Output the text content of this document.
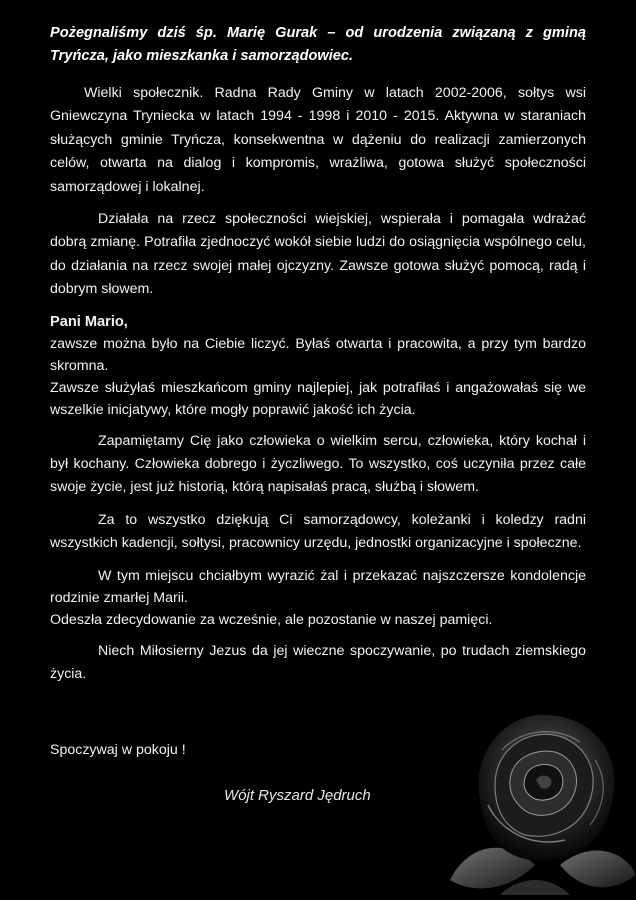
Pożegnaliśmy dziś śp. Marię Gurak – od urodzenia związaną z gminą Tryńcza, jako mieszkanka i samorządowiec.

Wielki społecznik. Radna Rady Gminy w latach 2002-2006, sołtys wsi Gniewczyna Tryniecka w latach 1994 - 1998 i 2010 - 2015. Aktywna w staraniach służących gminie Tryńcza, konsekwentna w dążeniu do realizacji zamierzonych celów, otwarta na dialog i kompromis, wrażliwa, gotowa służyć społeczności samorządowej i lokalnej.

Działała na rzecz społeczności wiejskiej, wspierała i pomagała wdrażać dobrą zmianę. Potrafiła zjednoczyć wokół siebie ludzi do osiągnięcia wspólnego celu, do działania na rzecz swojej małej ojczyzny. Zawsze gotowa służyć pomocą, radą i dobrym słowem.

Pani Mario,

zawsze można było na Ciebie liczyć. Byłaś otwarta i pracowita, a przy tym bardzo skromna.

Zawsze służyłaś mieszkańcom gminy najlepiej, jak potrafiłaś i angażowałaś się we wszelkie inicjatywy, które mogły poprawić jakość ich życia.

Zapamiętamy Cię jako człowieka o wielkim sercu, człowieka, który kochał i był kochany. Człowieka dobrego i życzliwego. To wszystko, coś uczyniła przez całe swoje życie, jest już historią, którą napisałaś pracą, służbą i słowem.

Za to wszystko dziękują Ci samorządowcy, koleżanki i koledzy radni wszystkich kadencji, sołtysi, pracownicy urzędu, jednostki organizacyjne i społeczne.

W tym miejscu chciałbym wyrazić żal i przekazać najszczersze kondolencje rodzinie zmarłej Marii.

Odeszła zdecydowanie za wcześnie, ale pozostanie w naszej pamięci.

Niech Miłosierny Jezus da jej wieczne spoczywanie, po trudach ziemskiego życia.

Spoczywaj w pokoju !
Wójt Ryszard Jędruch
